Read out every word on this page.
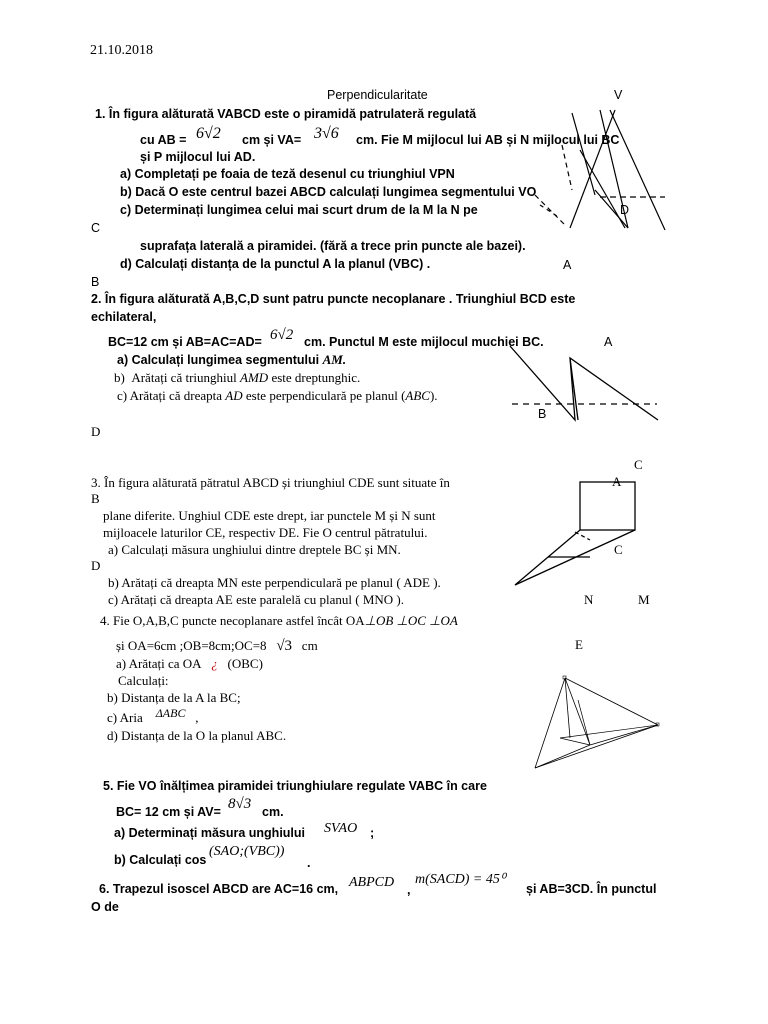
21.10.2018
Perpendicularitate
1. În figura alăturată VABCD este o piramidă patrulateră regulată
cu AB = 6√2 cm și VA= 3√6 cm. Fie M mijlocul lui AB și N mijlocul lui BC
și P mijlocul lui AD.
a) Completați pe foaia de teză desenul cu triunghiul VPN
b) Dacă O este centrul bazei ABCD calculați lungimea segmentului VO
c) Determinați lungimea celui mai scurt drum de la M la N pe
suprafața laterală a piramidei. (fără a trece prin puncte ale bazei).
d) Calculați distanța de la punctul A la planul (VBC) .
V
D
C
A
B
2. În figura alăturată A,B,C,D sunt patru puncte necoplanare . Triunghiul BCD este
echilateral,
BC=12 cm și AB=AC=AD= 6√2 cm. Punctul M este mijlocul muchiei BC.
a) Calculați lungimea segmentului AM.
b) Arătați că triunghiul AMD este dreptunghic.
c) Arătați că dreapta AD este perpendiculară pe planul (ABC).
A
B
D
C
3. În figura alăturată pătratul ABCD și triunghiul CDE sunt situate în	A
B
plane diferite. Unghiul CDE este drept, iar punctele M și N sunt
mijloacele laturilor CE, respectiv DE. Fie O centrul pătratului.
a) Calculați măsura unghiului dintre dreptele BC și MN.	C
D
b) Arătați că dreapta MN este perpendiculară pe planul ( ADE ).
c) Arătați că dreapta AE este paralelă cu planul ( MNO ).	N	M
4. Fie O,A,B,C puncte necoplanare astfel încât OA⊥OB ⊥OC ⊥OA
E
și OA=6cm ;OB=8cm;OC=8 √3 cm
a) Arătați ca OA ¿ (OBC)
Calculați:
b) Distanța de la A la BC;
c) Aria ΔABC ,
d) Distanța de la O la planul ABC.
5. Fie VO înălțimea piramidei triunghiulare regulate VABC în care
BC= 12 cm și AV= 8√3 cm.
a) Determinați măsura unghiului SVAO ;
b) Calculați cos
(SAO;(VBC))
.
6. Trapezul isoscel ABCD are AC=16 cm, ABPCD ,
m(SACD) = 45⁰
și AB=3CD. În punctul
O de
